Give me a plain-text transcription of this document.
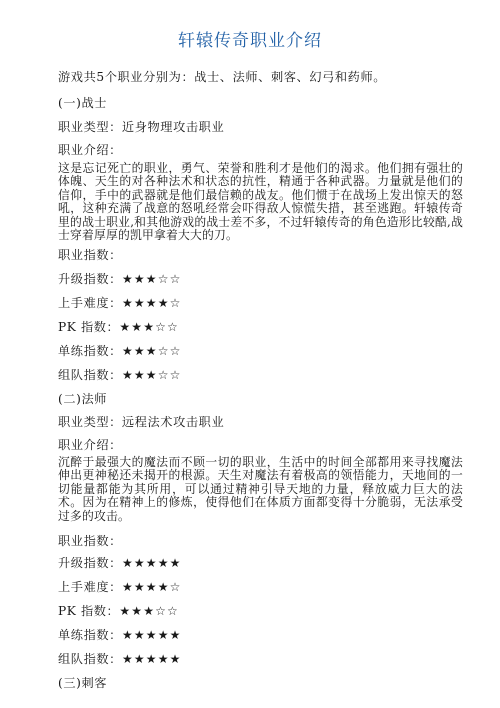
轩辕传奇职业介绍
游戏共5个职业分别为：战士、法师、刺客、幻弓和药师。
(一)战士
职业类型：近身物理攻击职业
职业介绍：
这是忘记死亡的职业，勇气、荣誉和胜利才是他们的渴求。他们拥有强壮的体魄、天生的对各种法术和状态的抗性，精通于各种武器。力量就是他们的信仰，手中的武器就是他们最信赖的战友。他们惯于在战场上发出惊天的怒吼，这种充满了战意的怒吼经常会吓得敌人惊慌失措，甚至逃跑。轩辕传奇里的战士职业,和其他游戏的战士差不多，不过轩辕传奇的角色造形比较酷,战士穿着厚厚的凯甲拿着大大的刀。
职业指数：
升级指数：★★★☆☆
上手难度：★★★★☆
PK 指数：★★★☆☆
单练指数：★★★☆☆
组队指数：★★★☆☆
(二)法师
职业类型：远程法术攻击职业
职业介绍：
沉醉于最强大的魔法而不顾一切的职业，生活中的时间全部都用来寻找魔法伸出更神秘还未揭开的根源。天生对魔法有着极高的领悟能力，天地间的一切能量都能为其所用，可以通过精神引导天地的力量，释放威力巨大的法术。因为在精神上的修炼，使得他们在体质方面都变得十分脆弱，无法承受过多的攻击。
职业指数：
升级指数：★★★★★
上手难度：★★★★☆
PK 指数：★★★☆☆
单练指数：★★★★★
组队指数：★★★★★
(三)刺客
